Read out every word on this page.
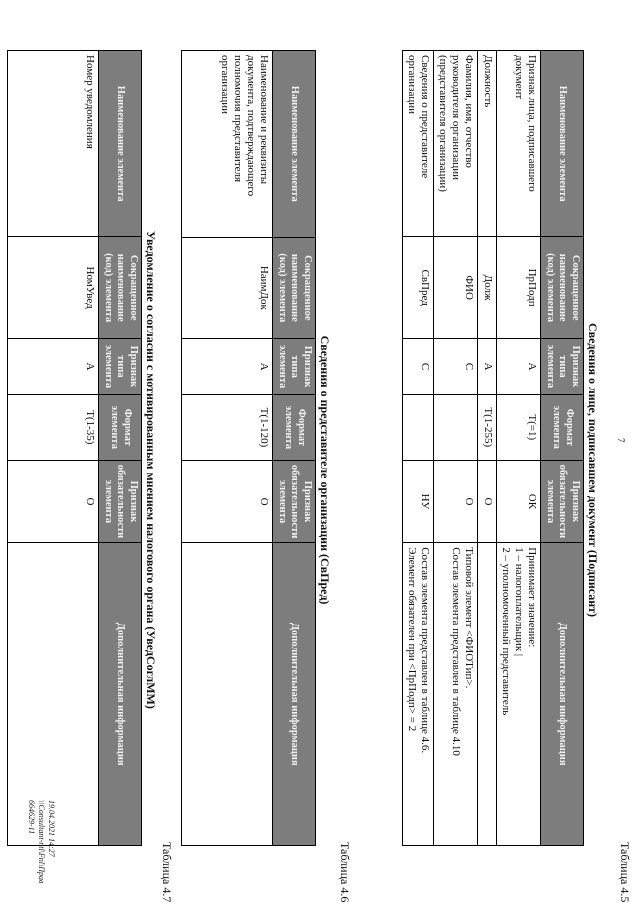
7
Таблица 4.5
Сведения о лице, подписавшем документ (Подписант)
Наименование элемента	Сокращенное наименование (код) элемента	Признак типа элемента	Формат элемента	Признак обязательности элемента	Дополнительная информация
Признак лица, подписавшего документ	ПрПодп	А	Т(=1)	ОК	Принимает значение:
1 – налогоплательщик |
2 – уполномоченный представитель
Должность	Долж	А	Т(1-255)	О	
Фамилия, имя, отчество руководителя организации (представителя организации)	ФИО	С		О	Типовой элемент <ФИОТип>.
Состав элемента представлен в таблице 4.10
Сведения о представителе организации	СвПред	С		НУ	Состав элемента представлен в таблице 4.6.
Элемент обязателен при <ПрПодп> = 2
Таблица 4.6
Сведения о представителе организации (СвПред)
Наименование элемента	Сокращенное наименование (код) элемента	Признак типа элемента	Формат элемента	Признак обязательности элемента	Дополнительная информация
Наименование и реквизиты документа, подтверждающего полномочия представителя организации	НаимДок	А	Т(1-120)	О	
Таблица 4.7
Уведомление о согласии с мотивированным мнением налогового органа (УведСоглММ)
Наименование элемента	Сокращенное наименование (код) элемента	Признак типа элемента	Формат элемента	Признак обязательности элемента	Дополнительная информация
Номер уведомления	НомУвед	А	Т(1-35)	О	
19.04.2021 14:27
\\Consultant-ntl\Fnl\Прав 664629-11
